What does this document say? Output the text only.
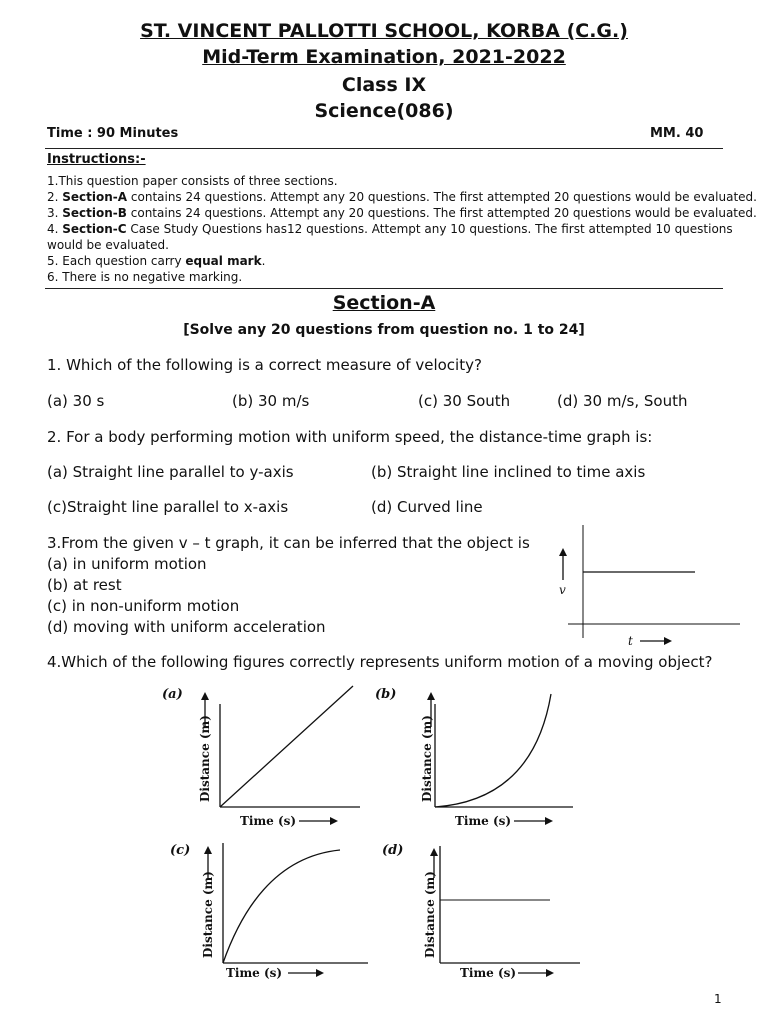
ST. VINCENT PALLOTTI SCHOOL, KORBA (C.G.)
Mid-Term Examination, 2021-2022
Class IX
Science(086)
Time : 90 Minutes	MM. 40
Instructions:-
1.This question paper consists of three sections.
2. Section-A contains 24 questions. Attempt any 20 questions. The first attempted 20 questions would be evaluated.
3. Section-B contains 24 questions. Attempt any 20 questions. The first attempted 20 questions would be evaluated.
4. Section-C Case Study Questions has12 questions. Attempt any 10 questions. The first attempted 10 questions
would be evaluated.
5. Each question carry equal mark.
6. There is no negative marking.
Section-A
[Solve any 20 questions from question no. 1 to 24]
1. Which of the following is a correct measure of velocity?
(a) 30 s	(b) 30 m/s	(c) 30 South	(d) 30 m/s, South
2. For a body performing motion with uniform speed, the distance-time graph is:
(a) Straight line parallel to y-axis	(b) Straight line inclined to time axis
(c)Straight line parallel to x-axis	(d) Curved line
3.From the given v – t graph, it can be inferred that the object is
(a) in uniform motion
(b) at rest
(c) in non-uniform motion
(d) moving with uniform acceleration
v
t
4.Which of the following figures correctly represents uniform motion of a moving object?
(a)
Distance (m)
Time (s)
(b)
Distance (m)
Time (s)
(c)
Distance (m)
Time (s)
(d)
Distance (m)
Time (s)
1
